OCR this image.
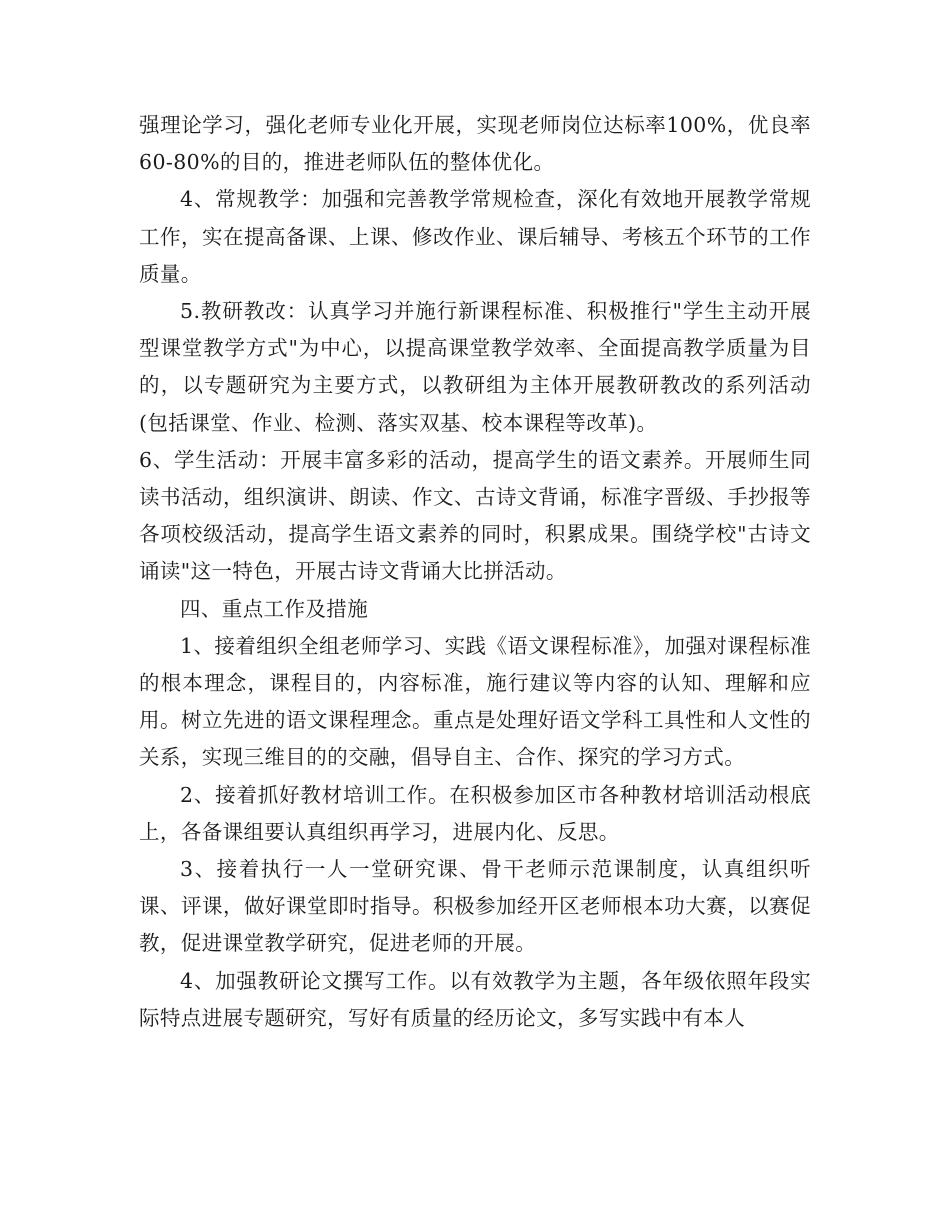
强理论学习，强化老师专业化开展，实现老师岗位达标率100%，优良率60-80%的目的，推进老师队伍的整体优化。

4、常规教学：加强和完善教学常规检查，深化有效地开展教学常规工作，实在提高备课、上课、修改作业、课后辅导、考核五个环节的工作质量。

5.教研教改：认真学习并施行新课程标准、积极推行"学生主动开展型课堂教学方式"为中心，以提高课堂教学效率、全面提高教学质量为目的，以专题研究为主要方式，以教研组为主体开展教研教改的系列活动(包括课堂、作业、检测、落实双基、校本课程等改革)。

6、学生活动：开展丰富多彩的活动，提高学生的语文素养。开展师生同读书活动，组织演讲、朗读、作文、古诗文背诵，标准字晋级、手抄报等各项校级活动，提高学生语文素养的同时，积累成果。围绕学校"古诗文诵读"这一特色，开展古诗文背诵大比拼活动。

四、重点工作及措施

1、接着组织全组老师学习、实践《语文课程标准》，加强对课程标准的根本理念，课程目的，内容标准，施行建议等内容的认知、理解和应用。树立先进的语文课程理念。重点是处理好语文学科工具性和人文性的关系，实现三维目的的交融，倡导自主、合作、探究的学习方式。

2、接着抓好教材培训工作。在积极参加区市各种教材培训活动根底上，各备课组要认真组织再学习，进展内化、反思。

3、接着执行一人一堂研究课、骨干老师示范课制度，认真组织听课、评课，做好课堂即时指导。积极参加经开区老师根本功大赛，以赛促教，促进课堂教学研究，促进老师的开展。

4、加强教研论文撰写工作。以有效教学为主题，各年级依照年段实际特点进展专题研究，写好有质量的经历论文，多写实践中有本人
